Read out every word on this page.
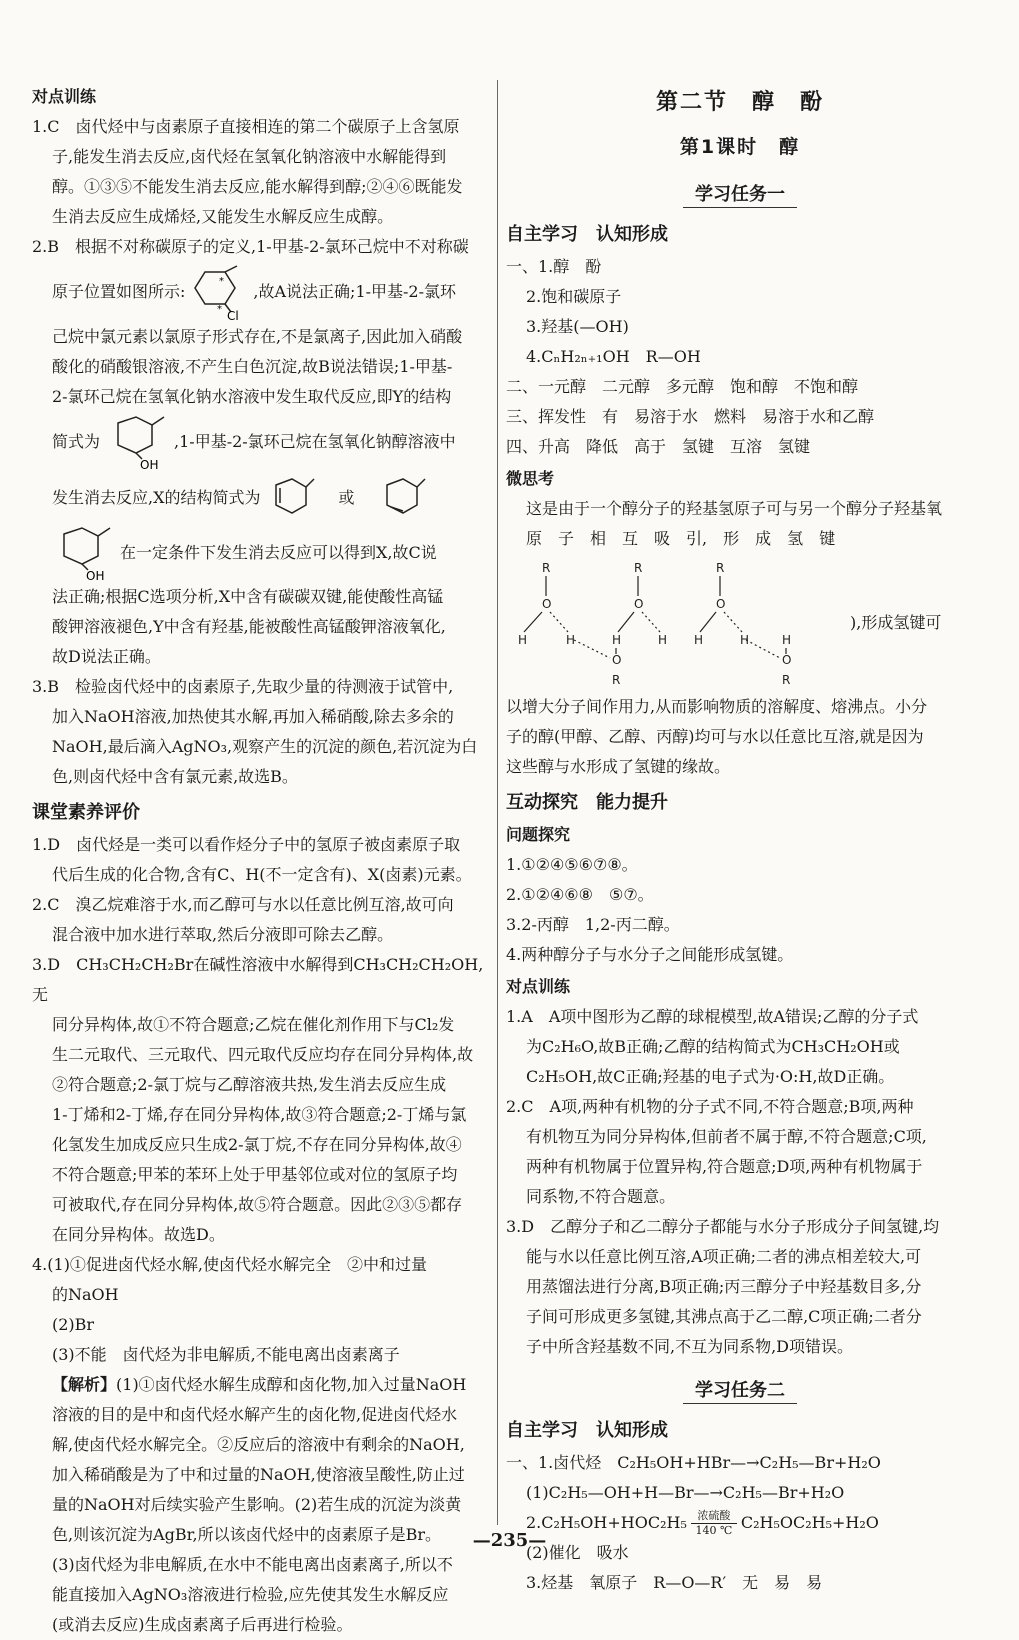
对点训练
1.C　卤代烃中与卤素原子直接相连的第二个碳原子上含氢原
子,能发生消去反应,卤代烃在氢氧化钠溶液中水解能得到
醇。①③⑤不能发生消去反应,能水解得到醇;②④⑥既能发
生消去反应生成烯烃,又能发生水解反应生成醇。
2.B　根据不对称碳原子的定义,1-甲基-2-氯环己烷中不对称碳
原子位置如图所示:
*
* Cl
,故A说法正确;1-甲基-2-氯环
己烷中氯元素以氯原子形式存在,不是氯离子,因此加入硝酸
酸化的硝酸银溶液,不产生白色沉淀,故B说法错误;1-甲基-
2-氯环己烷在氢氧化钠水溶液中发生取代反应,即Y的结构
简式为
OH
,1-甲基-2-氯环己烷在氢氧化钠醇溶液中
发生消去反应,X的结构简式为	或
OH
在一定条件下发生消去反应可以得到X,故C说
法正确;根据C选项分析,X中含有碳碳双键,能使酸性高锰
酸钾溶液褪色,Y中含有羟基,能被酸性高锰酸钾溶液氧化,
故D说法正确。
3.B　检验卤代烃中的卤素原子,先取少量的待测液于试管中,
加入NaOH溶液,加热使其水解,再加入稀硝酸,除去多余的
NaOH,最后滴入AgNO₃,观察产生的沉淀的颜色,若沉淀为白
色,则卤代烃中含有氯元素,故选B。
课堂素养评价
1.D　卤代烃是一类可以看作烃分子中的氢原子被卤素原子取
代后生成的化合物,含有C、H(不一定含有)、X(卤素)元素。
2.C　溴乙烷难溶于水,而乙醇可与水以任意比例互溶,故可向
混合液中加水进行萃取,然后分液即可除去乙醇。
3.D　CH₃CH₂CH₂Br在碱性溶液中水解得到CH₃CH₂CH₂OH,无
同分异构体,故①不符合题意;乙烷在催化剂作用下与Cl₂发
生二元取代、三元取代、四元取代反应均存在同分异构体,故
②符合题意;2-氯丁烷与乙醇溶液共热,发生消去反应生成
1-丁烯和2-丁烯,存在同分异构体,故③符合题意;2-丁烯与氯
化氢发生加成反应只生成2-氯丁烷,不存在同分异构体,故④
不符合题意;甲苯的苯环上处于甲基邻位或对位的氢原子均
可被取代,存在同分异构体,故⑤符合题意。因此②③⑤都存
在同分异构体。故选D。
4.(1)①促进卤代烃水解,使卤代烃水解完全　②中和过量
的NaOH
(2)Br
(3)不能　卤代烃为非电解质,不能电离出卤素离子
【解析】(1)①卤代烃水解生成醇和卤化物,加入过量NaOH
溶液的目的是中和卤代烃水解产生的卤化物,促进卤代烃水
解,使卤代烃水解完全。②反应后的溶液中有剩余的NaOH,
加入稀硝酸是为了中和过量的NaOH,使溶液呈酸性,防止过
量的NaOH对后续实验产生影响。(2)若生成的沉淀为淡黄
色,则该沉淀为AgBr,所以该卤代烃中的卤素原子是Br。
(3)卤代烃为非电解质,在水中不能电离出卤素离子,所以不
能直接加入AgNO₃溶液进行检验,应先使其发生水解反应
(或消去反应)生成卤素离子后再进行检验。
第二节　醇　酚
第1课时　醇
学习任务一
自主学习　认知形成
一、1.醇　酚
2.饱和碳原子
3.羟基(—OH)
4.CₙH₂ₙ₊₁OH　R—OH
二、一元醇　二元醇　多元醇　饱和醇　不饱和醇
三、挥发性　有　易溶于水　燃料　易溶于水和乙醇
四、升高　降低　高于　氢键　互溶　氢键
微思考
这是由于一个醇分子的羟基氢原子可与另一个醇分子羟基氧
原　子　相　互　吸　引,　形　成　氢　键
R
O
H	H
R
O
H	H
R
O
H	H	H
O
R
O
R
),形成氢键可
以增大分子间作用力,从而影响物质的溶解度、熔沸点。小分
子的醇(甲醇、乙醇、丙醇)均可与水以任意比互溶,就是因为
这些醇与水形成了氢键的缘故。
互动探究　能力提升
问题探究
1.①②④⑤⑥⑦⑧。
2.①②④⑥⑧　⑤⑦。
3.2-丙醇　1,2-丙二醇。
4.两种醇分子与水分子之间能形成氢键。
对点训练
1.A　A项中图形为乙醇的球棍模型,故A错误;乙醇的分子式
为C₂H₆O,故B正确;乙醇的结构简式为CH₃CH₂OH或
C₂H₅OH,故C正确;羟基的电子式为·O:H,故D正确。
2.C　A项,两种有机物的分子式不同,不符合题意;B项,两种
有机物互为同分异构体,但前者不属于醇,不符合题意;C项,
两种有机物属于位置异构,符合题意;D项,两种有机物属于
同系物,不符合题意。
3.D　乙醇分子和乙二醇分子都能与水分子形成分子间氢键,均
能与水以任意比例互溶,A项正确;二者的沸点相差较大,可
用蒸馏法进行分离,B项正确;丙三醇分子中羟基数目多,分
子间可形成更多氢键,其沸点高于乙二醇,C项正确;二者分
子中所含羟基数不同,不互为同系物,D项错误。
学习任务二
自主学习　认知形成
一、1.卤代烃　C₂H₅OH+HBr—→C₂H₅—Br+H₂O
(1)C₂H₅—OH+H—Br—→C₂H₅—Br+H₂O
2.C₂H₅OH+HOC₂H₅ 浓硫酸
140 ℃ C₂H₅OC₂H₅+H₂O
(2)催化　吸水
3.烃基　氧原子　R—O—R′　无　易　易
—235—
